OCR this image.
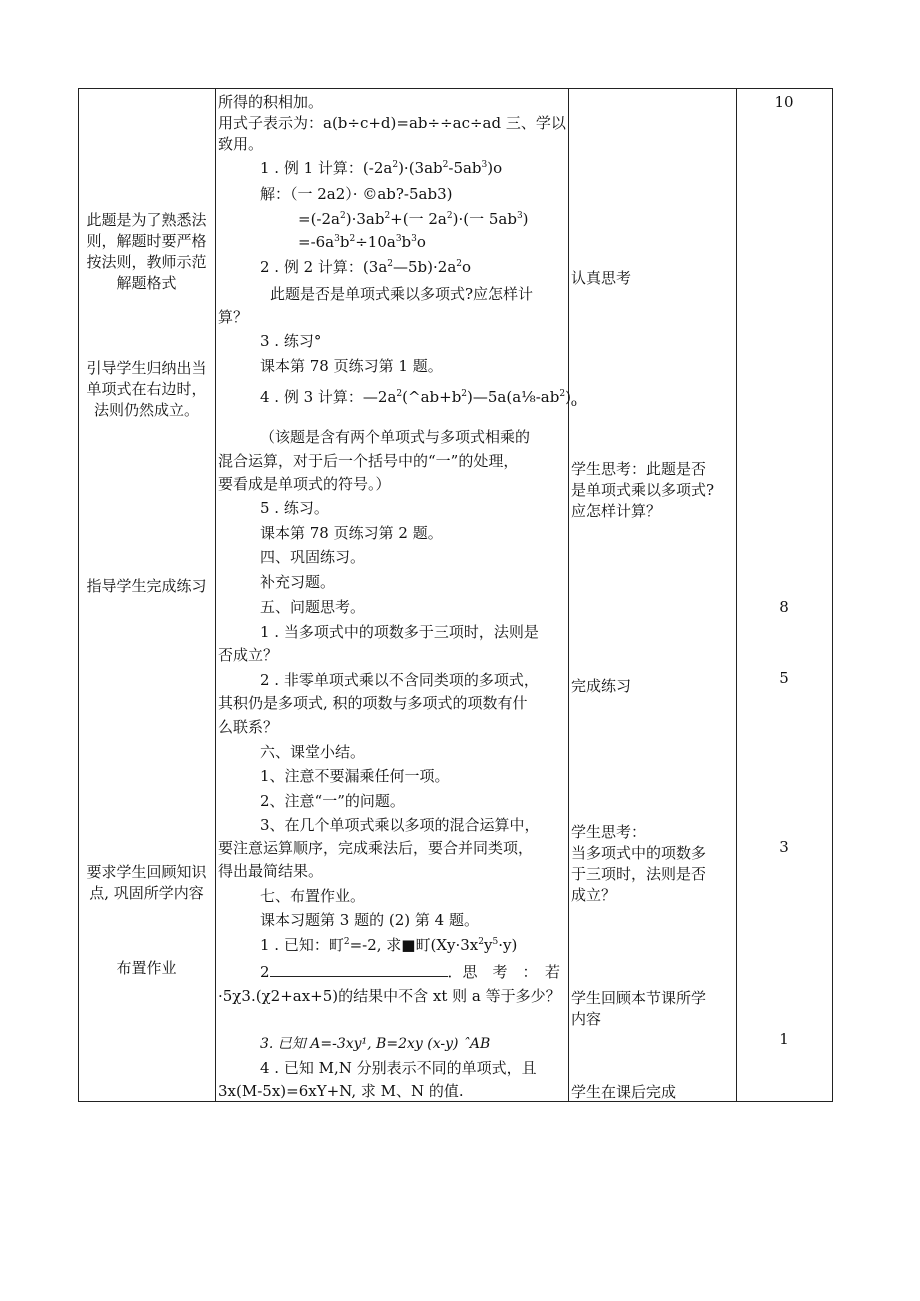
此题是为了熟悉法
则，解题时要严格
按法则，教师示范
解题格式
引导学生归纳出当
单项式在右边时，
法则仍然成立。
指导学生完成练习
要求学生回顾知识
点, 巩固所学内容
布置作业
所得的积相加。
用式子表示为：a(b÷c+d)=ab÷÷ac÷ad 三、学以
致用。
1 . 例 1 计算：$(-2a^2)\cdot(3ab^2-5ab^3)o$
解：（一 2a2）· ©ab?-5ab3)
$=(-2a^2)\cdot 3ab^2+$(一 $2a^2)\cdot$(一 $5ab^3$)
$=-6a^3b^2\div 10a^3b^3o$
2 . 例 2 计算：$(3a^2—5b)\cdot 2a^2o$
此题是否是单项式乘以多项式?应怎样计
算？
3 . 练习°
课本第 78 页练习第 1 题。
4 . 例 3 计算：$—2a^2(\^{}ab+b^2)—5a(a\frac{1}{8}-ab^2)_o$
（该题是含有两个单项式与多项式相乘的
混合运算，对于后一个括号中的“一”的处理，
要看成是单项式的符号。）
5 . 练习。
课本第 78 页练习第 2 题。
四、巩固练习。
补充习题。
五、问题思考。
1 . 当多项式中的项数多于三项时，法则是
否成立？
2 . 非零单项式乘以不含同类项的多项式，
其积仍是多项式, 积的项数与多项式的项数有什
么联系？
六、课堂小结。
1、注意不要漏乘任何一项。
2、注意“一”的问题。
3、在几个单项式乘以多项的混合运算中，
要注意运算顺序，完成乘法后，要合并同类项，
得出最简结果。
七、布置作业。
课本习题第 3 题的 (2) 第 4 题。
1 . 已知：町$^2$=-2, 求■町$(Xy\cdot 3x^2y^5\cdot y)$
2	．思　考　：　若
·5χ3.(χ2+ax+5)的结果中不含 xt 则 a 等于多少？
3. 已知 A=-3xy¹, B=2xy (x-y) ˆAB
4 . 已知 M,N 分别表示不同的单项式，且
3x(M-5x)=6xY+N, 求 M、N 的值.
认真思考
学生思考：此题是否
是单项式乘以多项式?
应怎样计算？
完成练习
学生思考：
当多项式中的项数多
于三项时，法则是否
成立？
学生回顾本节课所学
内容
学生在课后完成
10
8
5
3
1
